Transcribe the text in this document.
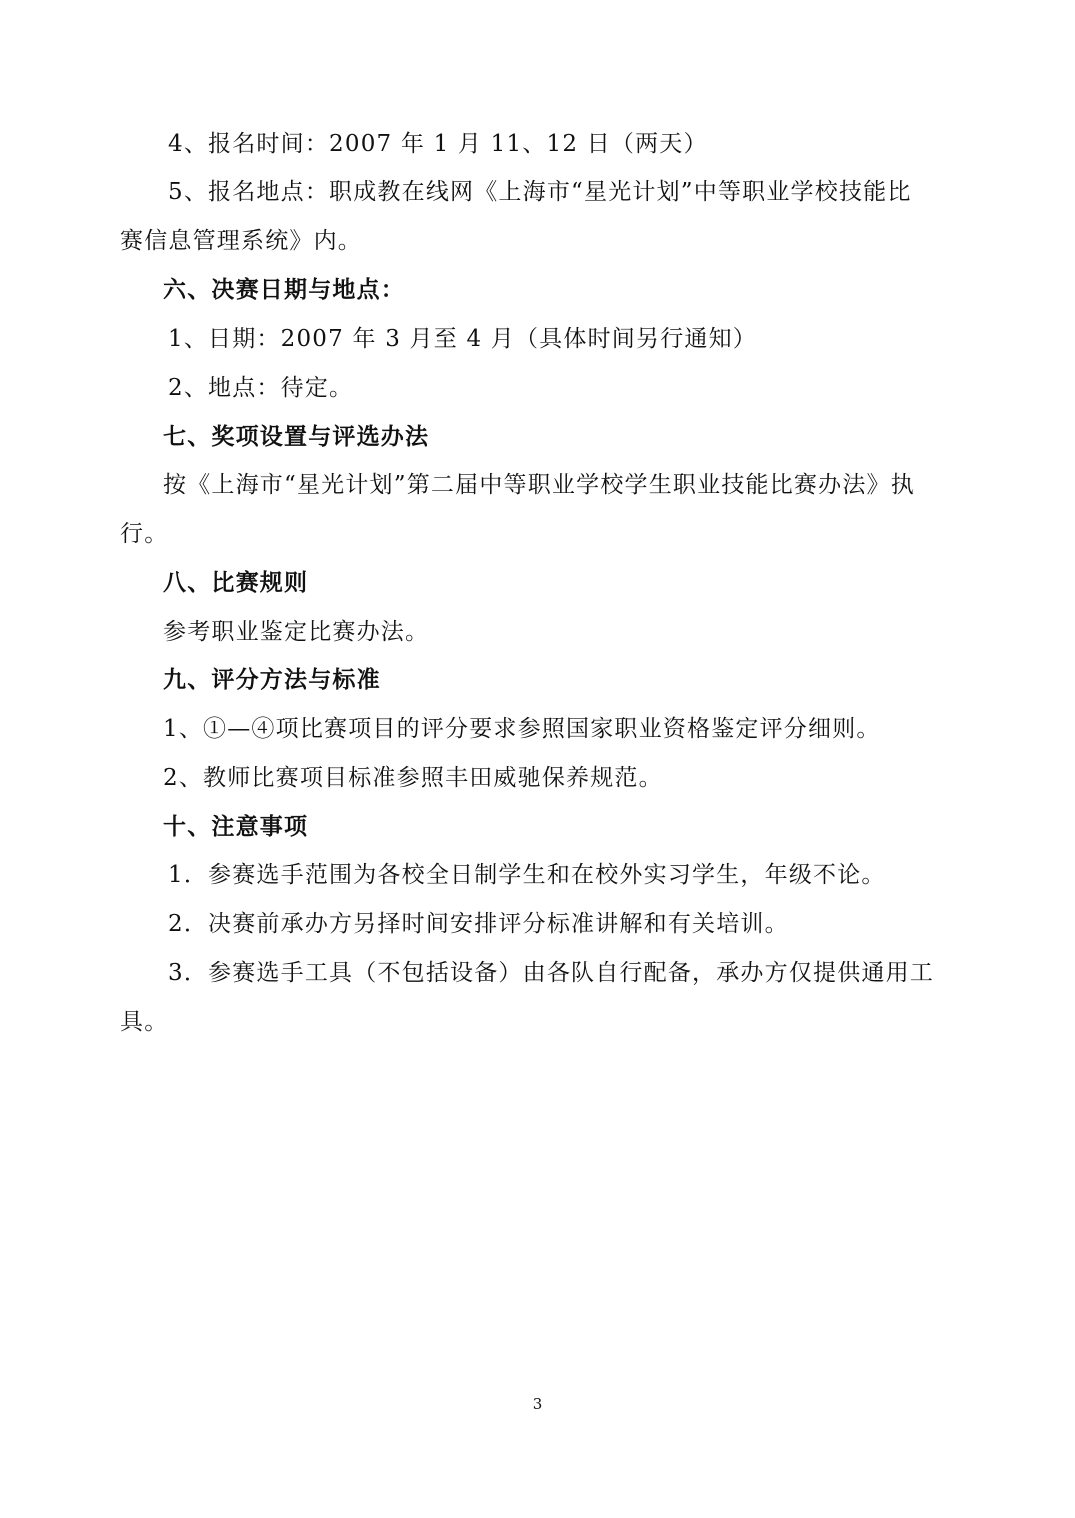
4、报名时间：2007 年 1 月 11、12 日（两天）
5、报名地点：职成教在线网《上海市“星光计划”中等职业学校技能比
赛信息管理系统》内。
六、决赛日期与地点：
1、日期：2007 年 3 月至 4 月（具体时间另行通知）
2、地点：待定。
七、奖项设置与评选办法
按《上海市“星光计划”第二届中等职业学校学生职业技能比赛办法》执
行。
八、比赛规则
参考职业鉴定比赛办法。
九、评分方法与标准
1、①—④项比赛项目的评分要求参照国家职业资格鉴定评分细则。
2、教师比赛项目标准参照丰田威驰保养规范。
十、注意事项
1．参赛选手范围为各校全日制学生和在校外实习学生，年级不论。
2．决赛前承办方另择时间安排评分标准讲解和有关培训。
3．参赛选手工具（不包括设备）由各队自行配备，承办方仅提供通用工
具。
3
